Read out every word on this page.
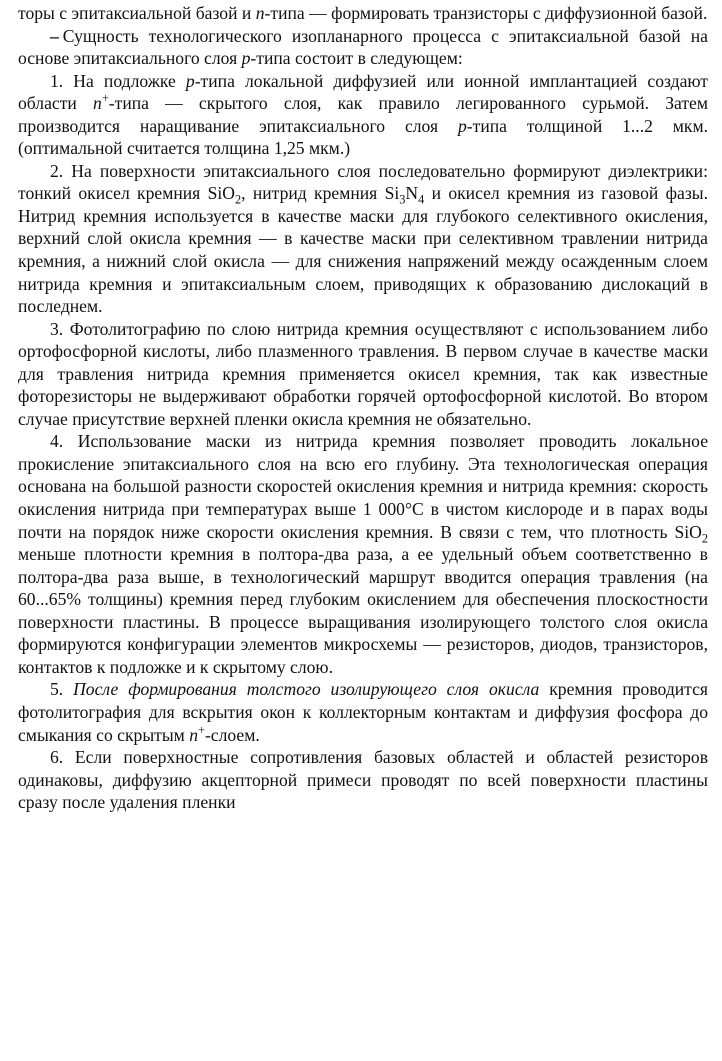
торы с эпитаксиальной базой и n-типа — формировать транзисторы с диффузионной базой.

– Сущность технологического изопланарного процесса с эпитаксиальной базой на основе эпитаксиального слоя p-типа состоит в следующем:

1. На подложке p-типа локальной диффузией или ионной имплантацией создают области n+-типа — скрытого слоя, как правило легированного сурьмой. Затем производится наращивание эпитаксиального слоя p-типа толщиной 1...2 мкм. (оптимальной считается толщина 1,25 мкм.)

2. На поверхности эпитаксиального слоя последовательно формируют диэлектрики: тонкий окисел кремния SiO$_2$, нитрид кремния $Si_3N_4$ и окисел кремния из газовой фазы. Нитрид кремния используется в качестве маски для глубокого селективного окисления, верхний слой окисла кремния — в качестве маски при селективном травлении нитрида кремния, а нижний слой окисла — для снижения напряжений между осажденным слоем нитрида кремния и эпитаксиальным слоем, приводящих к образованию дислокаций в последнем.

3. Фотолитографию по слою нитрида кремния осуществляют с использованием либо ортофосфорной кислоты, либо плазменного травления. В первом случае в качестве маски для травления нитрида кремния применяется окисел кремния, так как известные фоторезисторы не выдерживают обработки горячей ортофосфорной кислотой. Во втором случае присутствие верхней пленки окисла кремния не обязательно.

4. Использование маски из нитрида кремния позволяет проводить локальное прокисление эпитаксиального слоя на всю его глубину. Эта технологическая операция основана на большой разности скоростей окисления кремния и нитрида кремния: скорость окисления нитрида при температурах выше 1 000°С в чистом кислороде и в парах воды почти на порядок ниже скорости окисления кремния. В связи с тем, что плотность SiO$_2$ меньше плотности кремния в полтора-два раза, а ее удельный объем соответственно в полтора-два раза выше, в технологический маршрут вводится операция травления (на 60...65% толщины) кремния перед глубоким окислением для обеспечения плоскостности поверхности пластины. В процессе выращивания изолирующего толстого слоя окисла формируются конфигурации элементов микросхемы — резисторов, диодов, транзисторов, контактов к подложке и к скрытому слою.

5. После формирования толстого изолирующего слоя окисла кремния проводится фотолитография для вскрытия окон к коллекторным контактам и диффузия фосфора до смыкания со скрытым n+-слоем.

6. Если поверхностные сопротивления базовых областей и областей резисторов одинаковы, диффузию акцепторной примеси проводят по всей поверхности пластины сразу после удаления пленки
